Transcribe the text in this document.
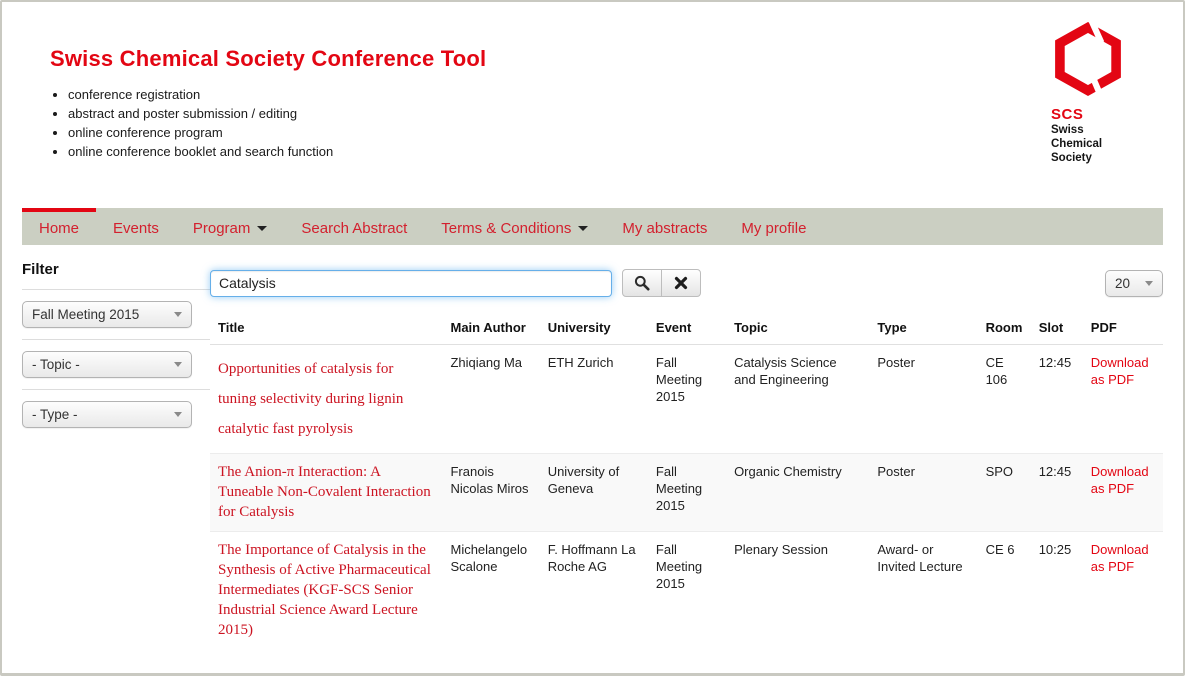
Swiss Chemical Society Conference Tool
• conference registration
• abstract and poster submission / editing
• online conference program
• online conference booklet and search function
SCS
Swiss Chemical
Society
Home Events Program	Search Abstract Terms & Conditions	My abstracts My profile
Filter
Fall Meeting 2015
- Topic -
- Type -
Catalysis
20
Title	Main Author	University	Event	Topic	Type	Room	Slot	PDF

Opportunities of catalysis for tuning selectivity during lignin catalytic fast pyrolysis	Zhiqiang Ma	ETH Zurich	Fall Meeting 2015	Catalysis Science and Engineering	Poster	CE 106	12:45	Download as PDF

The Anion-π Interaction: A Tuneable Non-Covalent Interaction for Catalysis	Franois Nicolas Miros	University of Geneva	Fall Meeting 2015	Organic Chemistry	Poster	SPO	12:45	Download as PDF

The Importance of Catalysis in the Synthesis of Active Pharmaceutical Intermediates (KGF-SCS Senior Industrial Science Award Lecture 2015)	Michelangelo Scalone	F. Hoffmann La Roche AG	Fall Meeting 2015	Plenary Session	Award- or Invited Lecture	CE 6	10:25	Download as PDF
